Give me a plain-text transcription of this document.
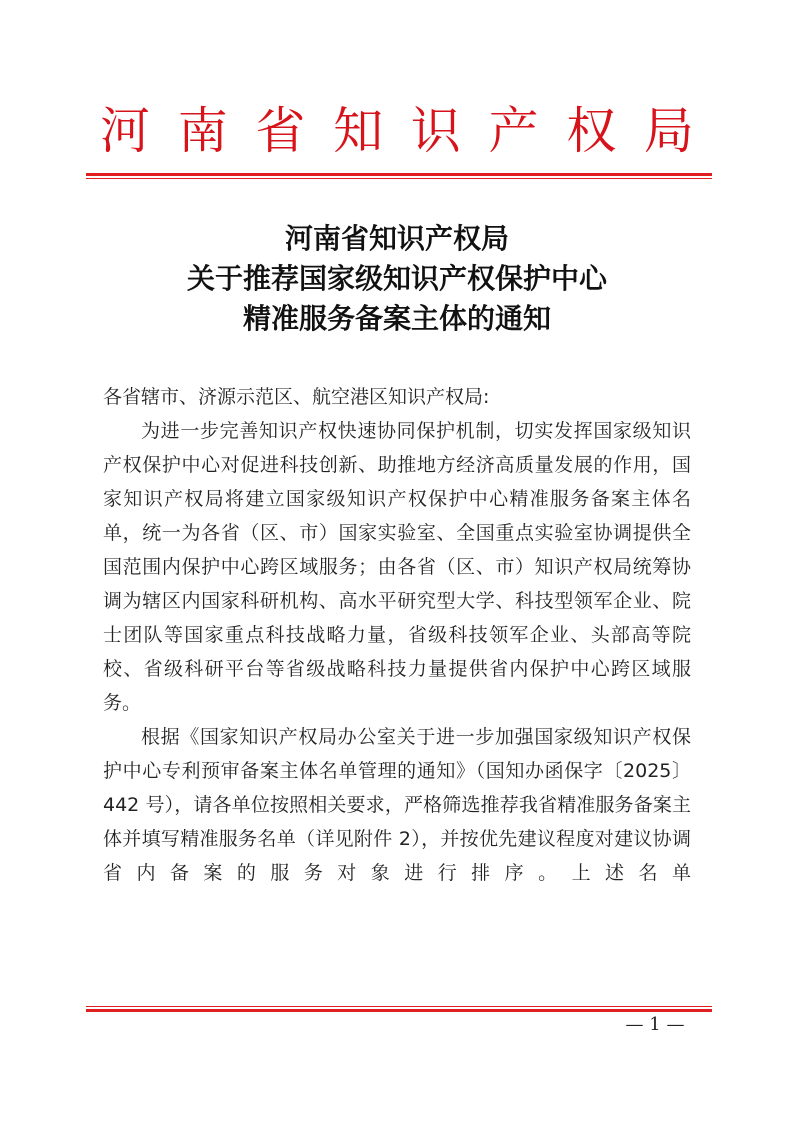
河 南 省 知 识 产 权 局
河南省知识产权局
关于推荐国家级知识产权保护中心
精准服务备案主体的通知

各省辖市、济源示范区、航空港区知识产权局:

为进一步完善知识产权快速协同保护机制，切实发挥国家级知识产权保护中心对促进科技创新、助推地方经济高质量发展的作用，国家知识产权局将建立国家级知识产权保护中心精准服务备案主体名单，统一为各省（区、市）国家实验室、全国重点实验室协调提供全国范围内保护中心跨区域服务；由各省（区、市）知识产权局统筹协调为辖区内国家科研机构、高水平研究型大学、科技型领军企业、院士团队等国家重点科技战略力量，省级科技领军企业、头部高等院校、省级科研平台等省级战略科技力量提供省内保护中心跨区域服务。

根据《国家知识产权局办公室关于进一步加强国家级知识产权保护中心专利预审备案主体名单管理的通知》（国知办函保字〔2025〕442 号），请各单位按照相关要求，严格筛选推荐我省精准服务备案主体并填写精准服务名单（详见附件 2），并按优先建议程度对建议协调省内备案的服务对象进行排序。上述名单

— 1 —
